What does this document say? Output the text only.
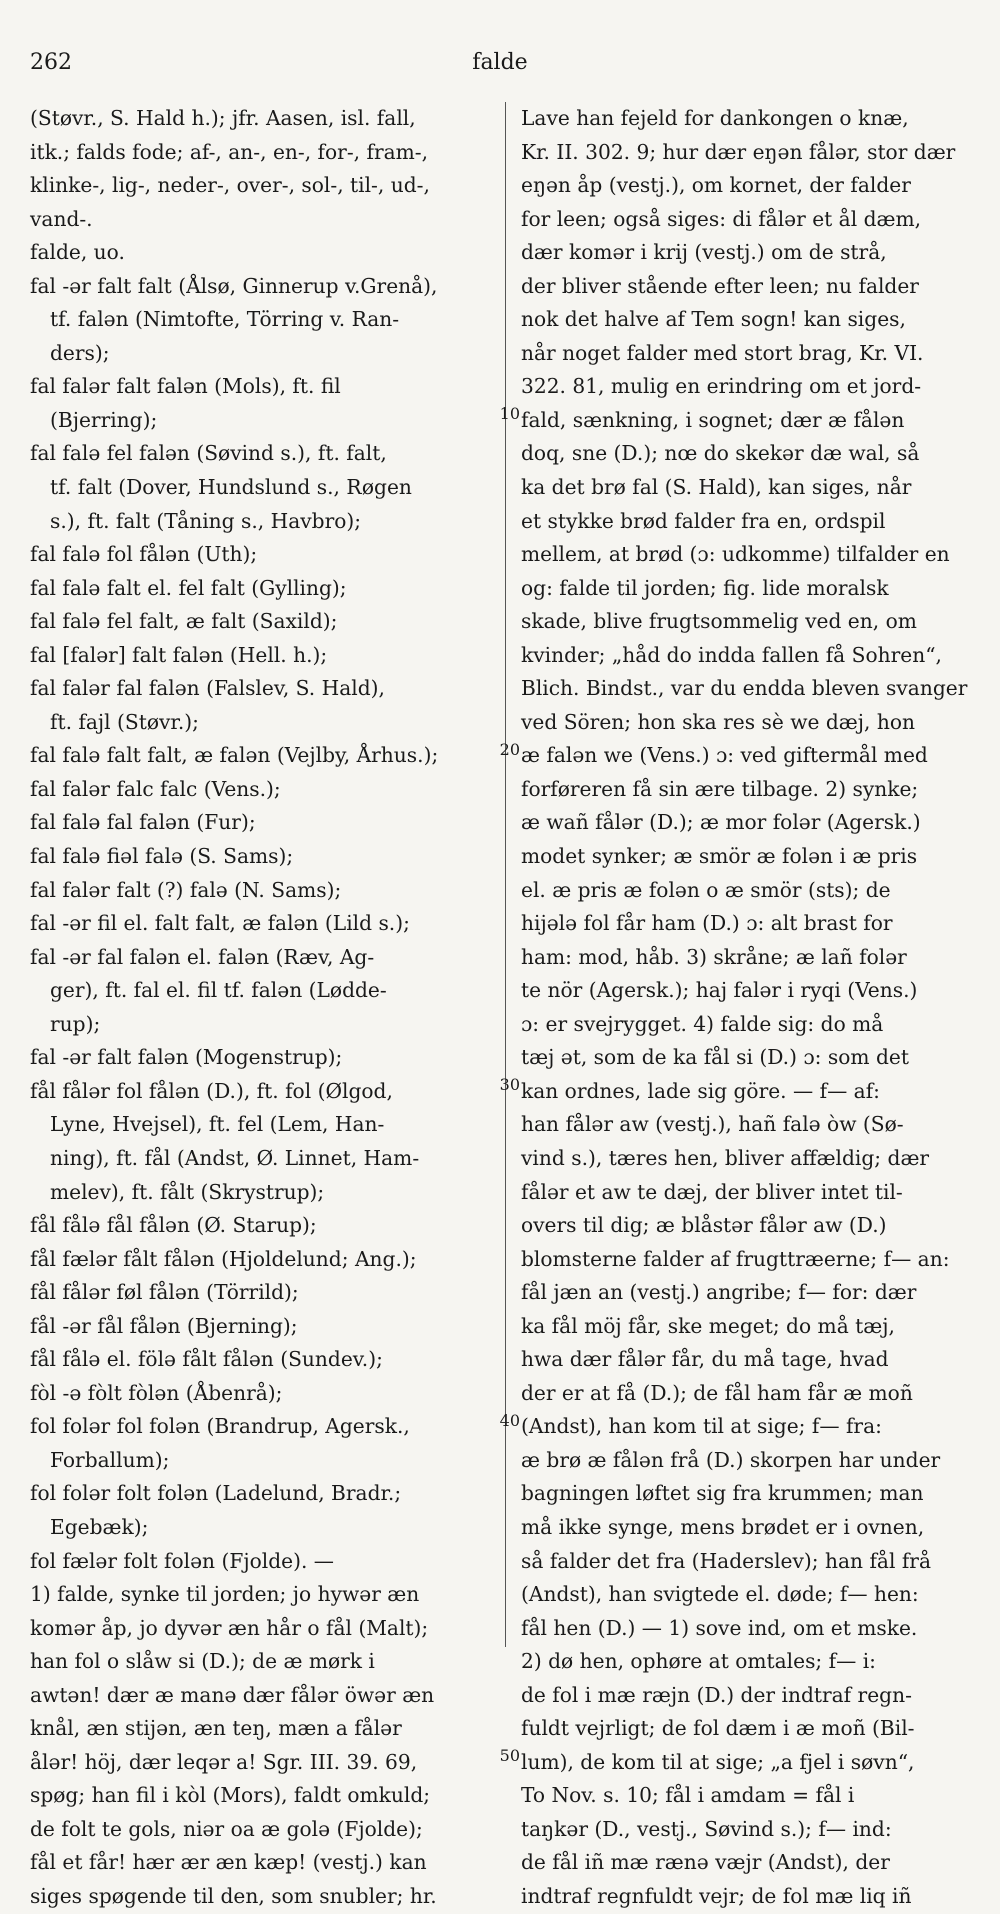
262	falde
(Støvr., S. Hald h.); jfr. Aasen, isl. fall,
itk.; falds fode; af-, an-, en-, for-, fram-,
klinke-, lig-, neder-, over-, sol-, til-, ud-,
vand-.
falde, uo.
fal -ər falt falt (Ålsø, Ginnerup v.Grenå),
tf. falən (Nimtofte, Törring v. Ran-
ders);
fal falər falt falən (Mols), ft. fil
(Bjerring);
fal falə fel falən (Søvind s.), ft. falt,
tf. falt (Dover, Hundslund s., Røgen
s.), ft. falt (Tåning s., Havbro);
fal falə fol fålən (Uth);
fal falə falt el. fel falt (Gylling);
fal falə fel falt, æ falt (Saxild);
fal [falər] falt falən (Hell. h.);
fal falər fal falən (Falslev, S. Hald),
ft. fajl (Støvr.);
fal falə falt falt, æ falən (Vejlby, Århus.);
fal falər falc falc (Vens.);
fal falə fal falən (Fur);
fal falə fiəl falə (S. Sams);
fal falər falt (?) falə (N. Sams);
fal -ər fil el. falt falt, æ falən (Lild s.);
fal -ər fal falən el. falən (Ræv, Ag-
ger), ft. fal el. fil tf. falən (Lødde-
rup);
fal -ər falt falən (Mogenstrup);
fål fålər fol fålən (D.), ft. fol (Ølgod,
Lyne, Hvejsel), ft. fel (Lem, Han-
ning), ft. fål (Andst, Ø. Linnet, Ham-
melev), ft. fålt (Skrystrup);
fål fålə fål fålən (Ø. Starup);
fål fælər fålt fålən (Hjoldelund; Ang.);
fål fålər føl fålən (Törrild);
fål -ər fål fålən (Bjerning);
fål fålə el. fölə fålt fålən (Sundev.);
fòl -ə fòlt fòlən (Åbenrå);
fol folər fol folən (Brandrup, Agersk.,
Forballum);
fol folər folt folən (Ladelund, Bradr.;
Egebæk);
fol fælər folt folən (Fjolde). —
1) falde, synke til jorden; jo hywər æn
komər åp, jo dyvər æn hår o fål (Malt);
han fol o slåw si (D.); de æ mørk i
awtən! dær æ manə dær fålər öwər æn
knål, æn stijən, æn teŋ, mæn a fålər
ålər! höj, dær leqər a! Sgr. III. 39. 69,
spøg; han fil i kòl (Mors), faldt omkuld;
de folt te gols, niər oa æ golə (Fjolde);
fål et får! hær ær æn kæp! (vestj.) kan
siges spøgende til den, som snubler; hr.
Lave han fejeld for dankongen o knæ,
Kr. II. 302. 9; hur dær eŋən fålər, stor dær
eŋən åp (vestj.), om kornet, der falder
for leen; også siges: di fålər et ål dæm,
dær komər i krij (vestj.) om de strå,
der bliver stående efter leen; nu falder
nok det halve af Tem sogn! kan siges,
når noget falder med stort brag, Kr. VI.
322. 81, mulig en erindring om et jord-
fald, sænkning, i sognet; dær æ fålən
doq, sne (D.); nœ do skekər dæ wal, så
ka det brø fal (S. Hald), kan siges, når
et stykke brød falder fra en, ordspil
mellem, at brød (ɔ: udkomme) tilfalder en
og: falde til jorden; fig. lide moralsk
skade, blive frugtsommelig ved en, om
kvinder; „håd do indda fallen få Sohren“,
Blich. Bindst., var du endda bleven svanger
ved Sören; hon ska res sè we dæj, hon
æ falən we (Vens.) ɔ: ved giftermål med
forføreren få sin ære tilbage. 2) synke;
æ wañ fålər (D.); æ mor folər (Agersk.)
modet synker; æ smör æ folən i æ pris
el. æ pris æ folən o æ smör (sts); de
hijələ fol får ham (D.) ɔ: alt brast for
ham: mod, håb. 3) skråne; æ lañ folər
te nör (Agersk.); haj falər i ryqi (Vens.)
ɔ: er svejrygget. 4) falde sig: do må
tæj ət, som de ka fål si (D.) ɔ: som det
kan ordnes, lade sig göre. — f— af:
han fålər aw (vestj.), hañ falə òw (Sø-
vind s.), tæres hen, bliver affældig; dær
fålər et aw te dæj, der bliver intet til-
overs til dig; æ blåstər fålər aw (D.)
blomsterne falder af frugttræerne; f— an:
fål jæn an (vestj.) angribe; f— for: dær
ka fål möj får, ske meget; do må tæj,
hwa dær fålər får, du må tage, hvad
der er at få (D.); de fål ham får æ moñ
(Andst), han kom til at sige; f— fra:
æ brø æ fålən frå (D.) skorpen har under
bagningen løftet sig fra krummen; man
må ikke synge, mens brødet er i ovnen,
så falder det fra (Haderslev); han fål frå
(Andst), han svigtede el. døde; f— hen:
fål hen (D.) — 1) sove ind, om et mske.
2) dø hen, ophøre at omtales; f— i:
de fol i mæ ræjn (D.) der indtraf regn-
fuldt vejrligt; de fol dæm i æ moñ (Bil-
lum), de kom til at sige; „a fjel i søvn“,
To Nov. s. 10; fål i amdam = fål i
taŋkər (D., vestj., Søvind s.); f— ind:
de fål iñ mæ rænə væjr (Andst), der
indtraf regnfuldt vejr; de fol mæ liq iñ
10
20
30
40
50
